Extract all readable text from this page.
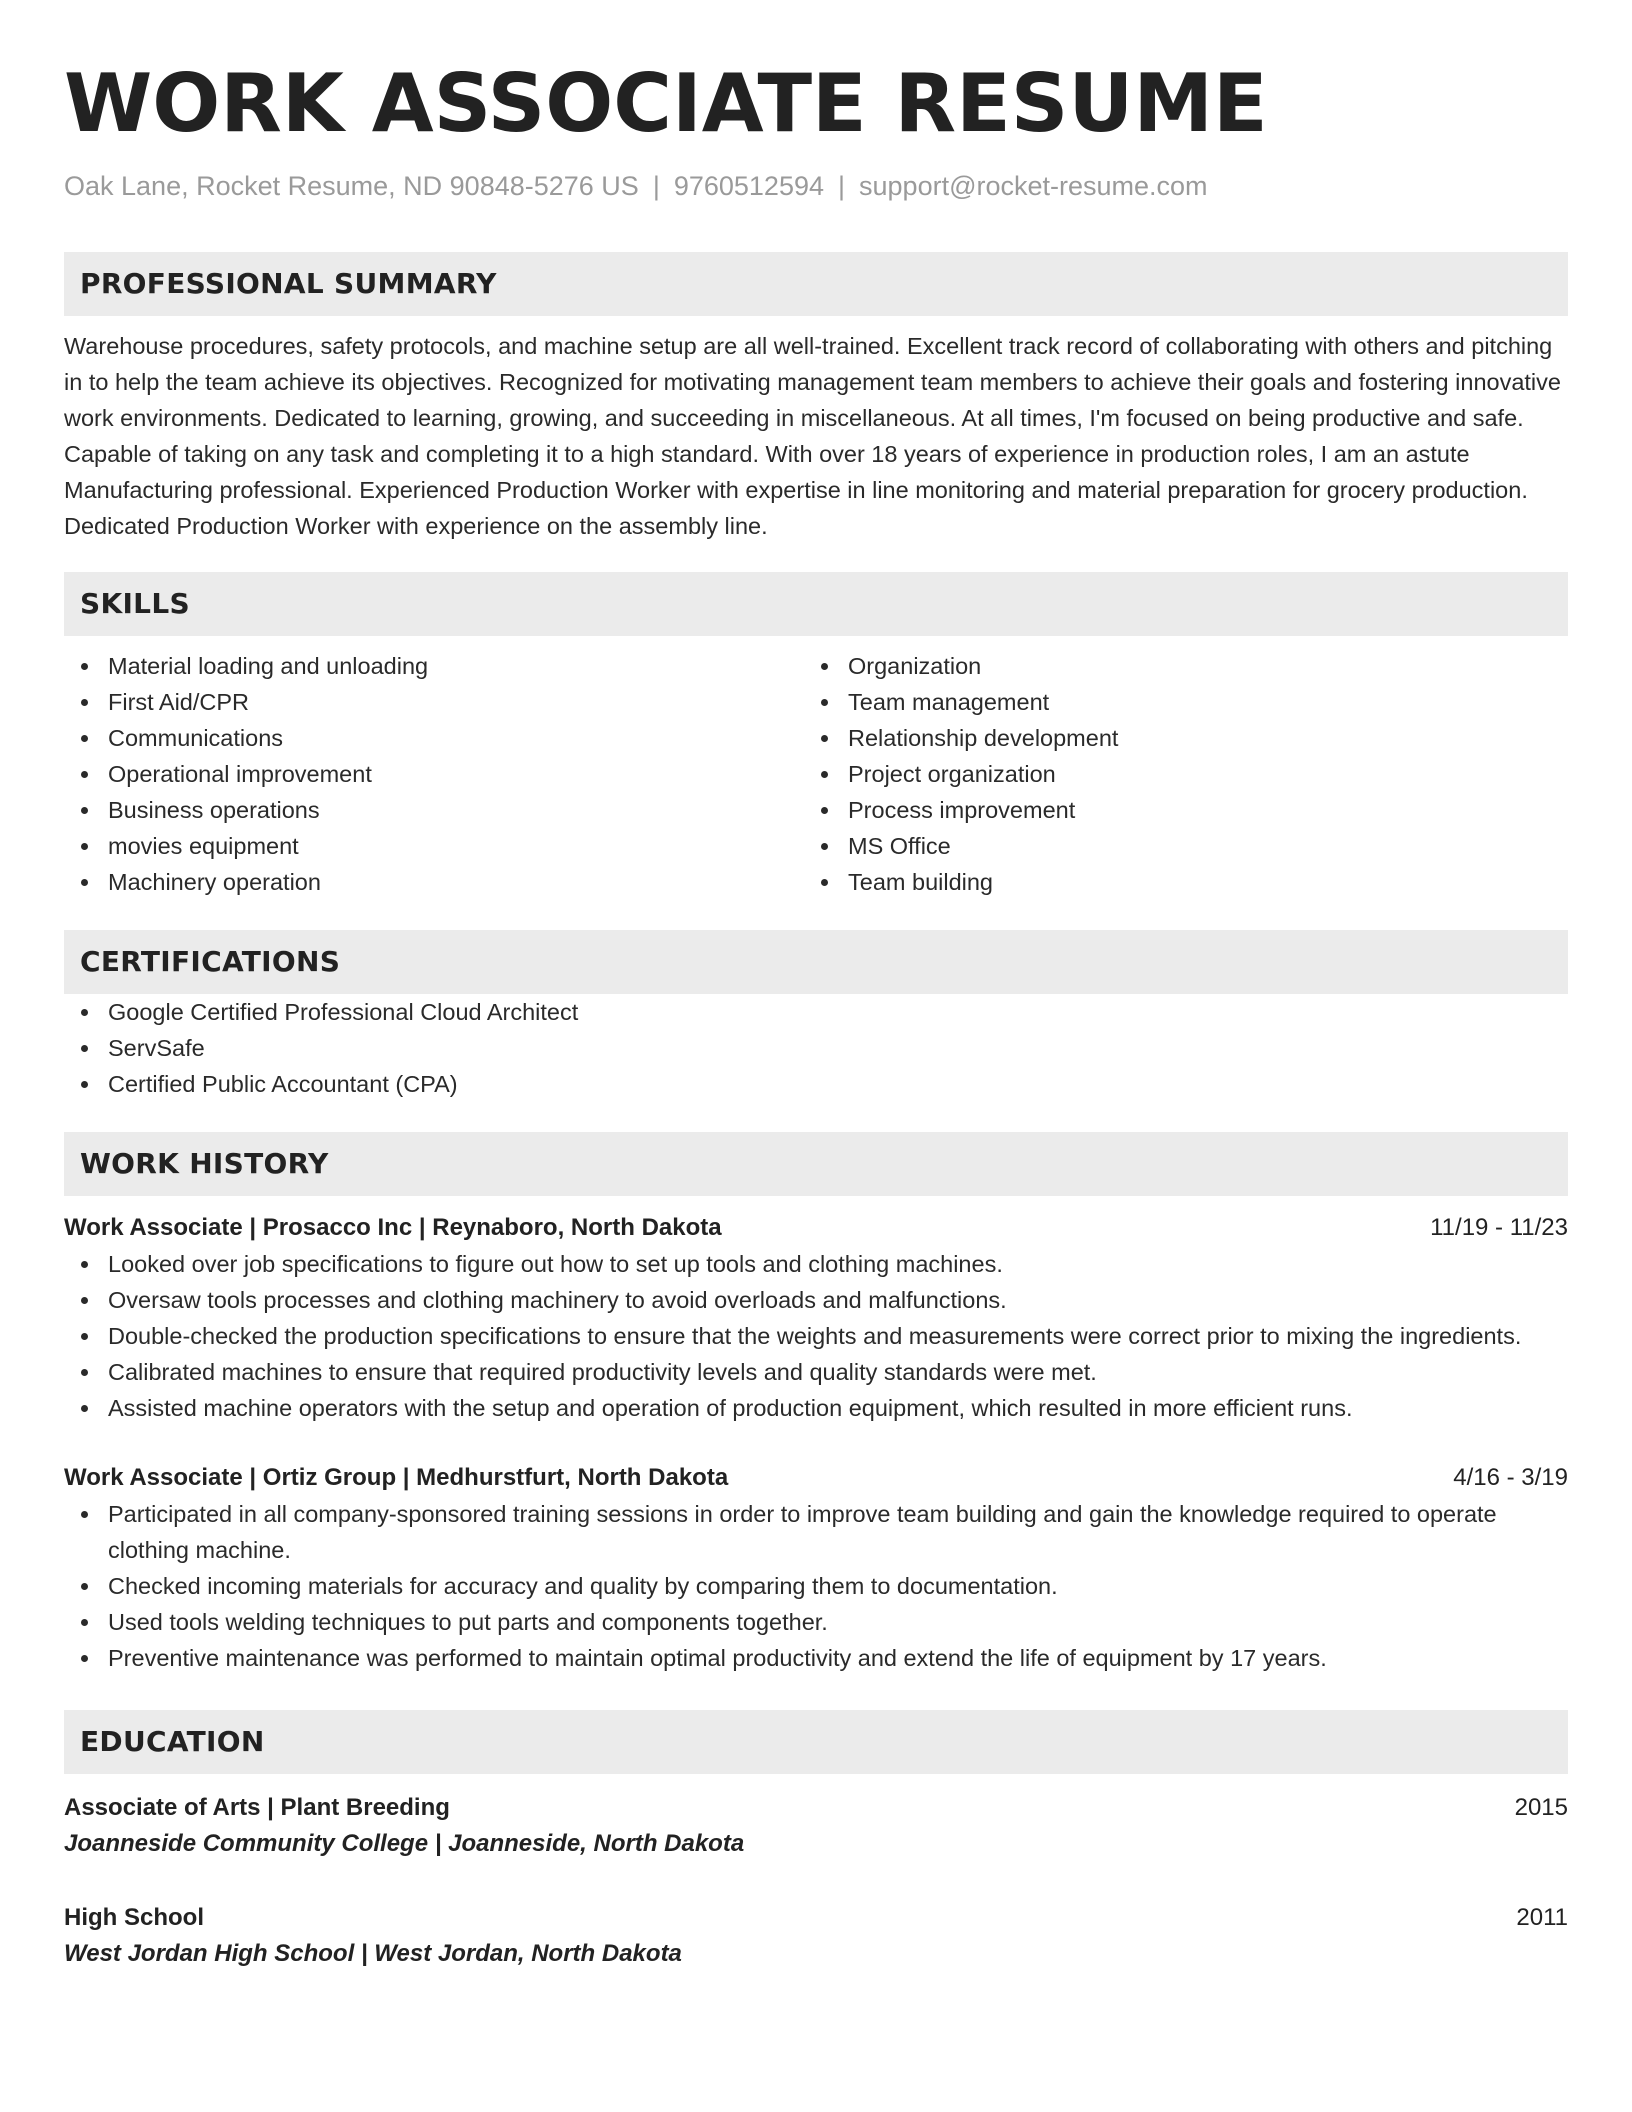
WORK ASSOCIATE RESUME
Oak Lane, Rocket Resume, ND 90848-5276 US | 9760512594 | support@rocket-resume.com
PROFESSIONAL SUMMARY
Warehouse procedures, safety protocols, and machine setup are all well-trained. Excellent track record of collaborating with others and pitching in to help the team achieve its objectives. Recognized for motivating management team members to achieve their goals and fostering innovative work environments. Dedicated to learning, growing, and succeeding in miscellaneous. At all times, I'm focused on being productive and safe. Capable of taking on any task and completing it to a high standard. With over 18 years of experience in production roles, I am an astute Manufacturing professional. Experienced Production Worker with expertise in line monitoring and material preparation for grocery production. Dedicated Production Worker with experience on the assembly line.
SKILLS
Material loading and unloading
First Aid/CPR
Communications
Operational improvement
Business operations
movies equipment
Machinery operation
Organization
Team management
Relationship development
Project organization
Process improvement
MS Office
Team building
CERTIFICATIONS
Google Certified Professional Cloud Architect
ServSafe
Certified Public Accountant (CPA)
WORK HISTORY
Work Associate | Prosacco Inc | Reynaboro, North Dakota	11/19 - 11/23
Looked over job specifications to figure out how to set up tools and clothing machines.
Oversaw tools processes and clothing machinery to avoid overloads and malfunctions.
Double-checked the production specifications to ensure that the weights and measurements were correct prior to mixing the ingredients.
Calibrated machines to ensure that required productivity levels and quality standards were met.
Assisted machine operators with the setup and operation of production equipment, which resulted in more efficient runs.
Work Associate | Ortiz Group | Medhurstfurt, North Dakota	4/16 - 3/19
Participated in all company-sponsored training sessions in order to improve team building and gain the knowledge required to operate clothing machine.
Checked incoming materials for accuracy and quality by comparing them to documentation.
Used tools welding techniques to put parts and components together.
Preventive maintenance was performed to maintain optimal productivity and extend the life of equipment by 17 years.
EDUCATION
Associate of Arts | Plant Breeding	2015
Joanneside Community College | Joanneside, North Dakota
High School	2011
West Jordan High School | West Jordan, North Dakota
